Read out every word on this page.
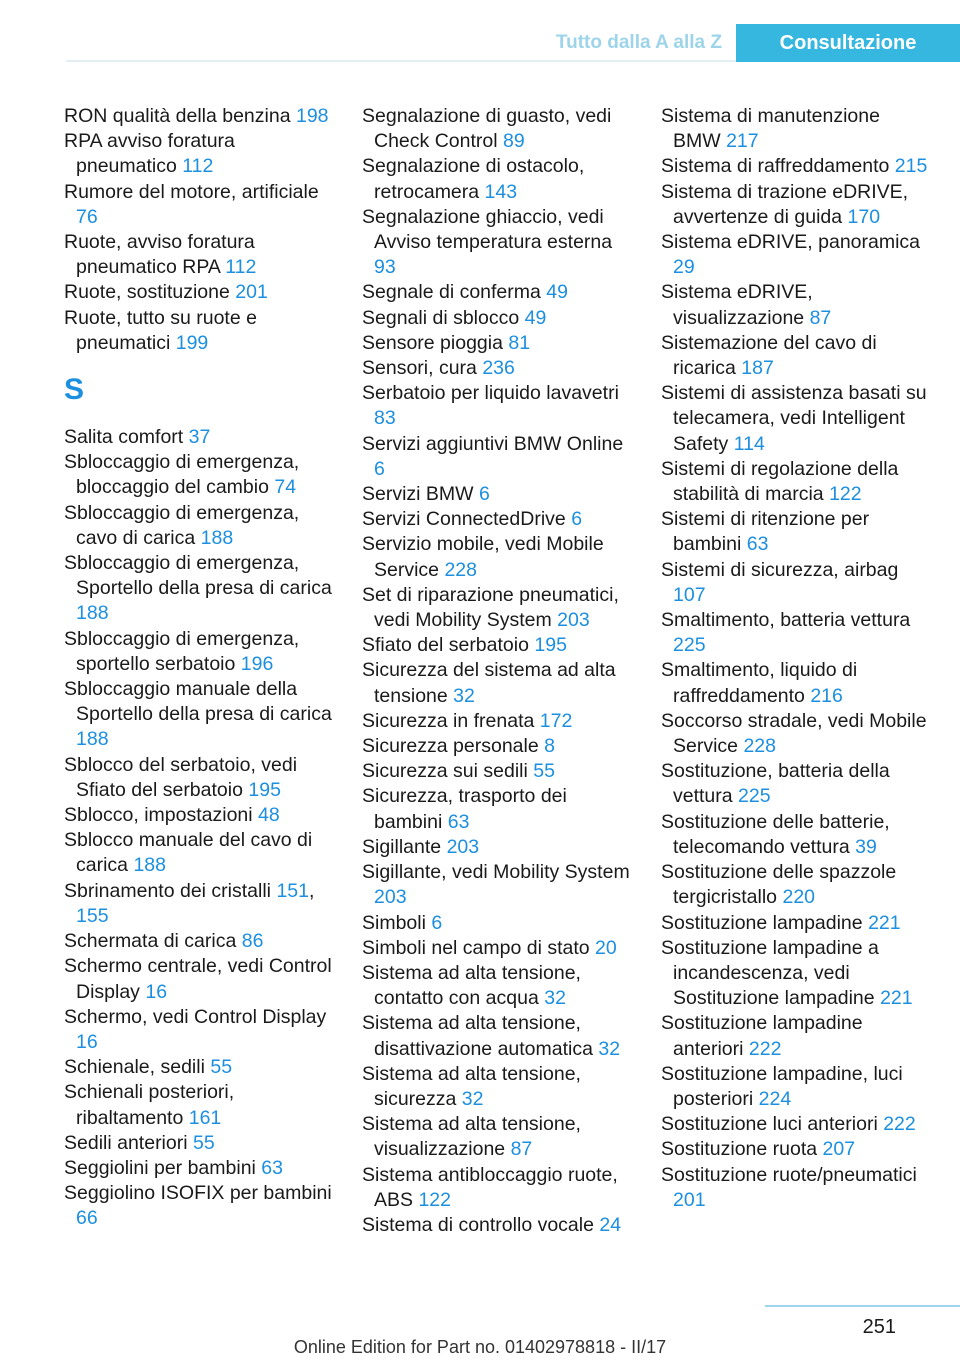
Tutto dalla A alla Z	Consultazione
RON qualità della benzina 198
RPA avviso foratura pneumatico 112
Rumore del motore, artificiale 76
Ruote, avviso foratura pneumatico RPA 112
Ruote, sostituzione 201
Ruote, tutto su ruote e pneumatici 199
S
Salita comfort 37
Sbloccaggio di emergenza, bloccaggio del cambio 74
Sbloccaggio di emergenza, cavo di carica 188
Sbloccaggio di emergenza, Sportello della presa di carica 188
Sbloccaggio di emergenza, sportello serbatoio 196
Sbloccaggio manuale della Sportello della presa di carica 188
Sblocco del serbatoio, vedi Sfiato del serbatoio 195
Sblocco, impostazioni 48
Sblocco manuale del cavo di carica 188
Sbrinamento dei cristalli 151, 155
Schermata di carica 86
Schermo centrale, vedi Control Display 16
Schermo, vedi Control Display 16
Schienale, sedili 55
Schienali posteriori, ribaltamento 161
Sedili anteriori 55
Seggiolini per bambini 63
Seggiolino ISOFIX per bambini 66
Segnalazione di guasto, vedi Check Control 89
Segnalazione di ostacolo, retrocamera 143
Segnalazione ghiaccio, vedi Avviso temperatura esterna 93
Segnale di conferma 49
Segnali di sblocco 49
Sensore pioggia 81
Sensori, cura 236
Serbatoio per liquido lavavetri 83
Servizi aggiuntivi BMW Online 6
Servizi BMW 6
Servizi ConnectedDrive 6
Servizio mobile, vedi Mobile Service 228
Set di riparazione pneumatici, vedi Mobility System 203
Sfiato del serbatoio 195
Sicurezza del sistema ad alta tensione 32
Sicurezza in frenata 172
Sicurezza personale 8
Sicurezza sui sedili 55
Sicurezza, trasporto dei bambini 63
Sigillante 203
Sigillante, vedi Mobility System 203
Simboli 6
Simboli nel campo di stato 20
Sistema ad alta tensione, contatto con acqua 32
Sistema ad alta tensione, disattivazione automatica 32
Sistema ad alta tensione, sicurezza 32
Sistema ad alta tensione, visualizzazione 87
Sistema antibloccaggio ruote, ABS 122
Sistema di controllo vocale 24
Sistema di manutenzione BMW 217
Sistema di raffreddamento 215
Sistema di trazione eDRIVE, avvertenze di guida 170
Sistema eDRIVE, panoramica 29
Sistema eDRIVE, visualizzazione 87
Sistemazione del cavo di ricarica 187
Sistemi di assistenza basati su telecamera, vedi Intelligent Safety 114
Sistemi di regolazione della stabilità di marcia 122
Sistemi di ritenzione per bambini 63
Sistemi di sicurezza, airbag 107
Smaltimento, batteria vettura 225
Smaltimento, liquido di raffreddamento 216
Soccorso stradale, vedi Mobile Service 228
Sostituzione, batteria della vettura 225
Sostituzione delle batterie, telecomando vettura 39
Sostituzione delle spazzole tergicristallo 220
Sostituzione lampadine 221
Sostituzione lampadine a incandescenza, vedi Sostituzione lampadine 221
Sostituzione lampadine anteriori 222
Sostituzione lampadine, luci posteriori 224
Sostituzione luci anteriori 222
Sostituzione ruota 207
Sostituzione ruote/pneumatici 201
251
Online Edition for Part no. 01402978818 - II/17
